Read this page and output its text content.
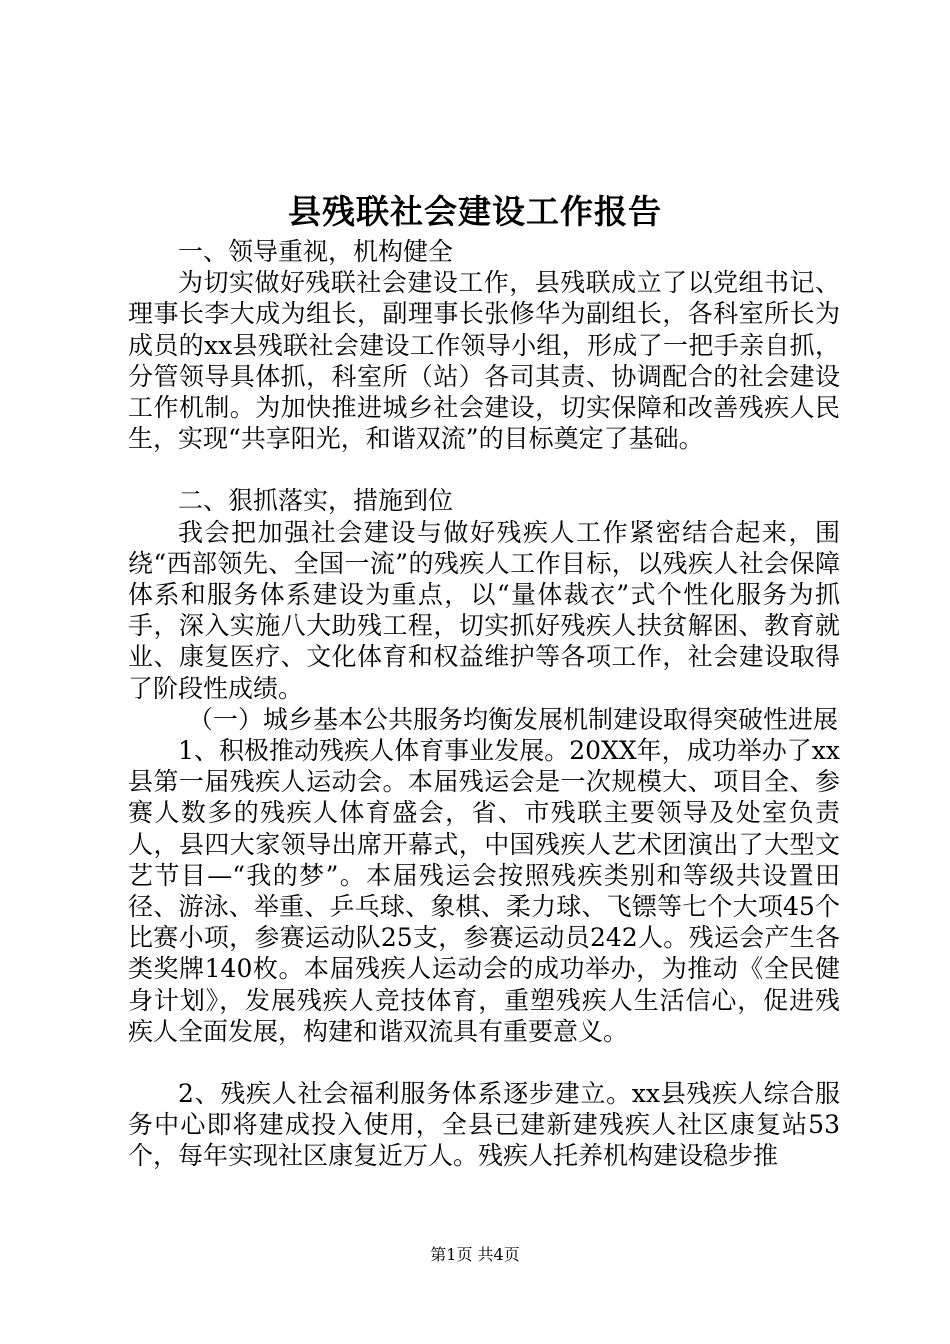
县残联社会建设工作报告

一、领导重视，机构健全

为切实做好残联社会建设工作，县残联成立了以党组书记、理事长李大成为组长，副理事长张修华为副组长，各科室所长为成员的xx县残联社会建设工作领导小组，形成了一把手亲自抓，分管领导具体抓，科室所（站）各司其责、协调配合的社会建设工作机制。为加快推进城乡社会建设，切实保障和改善残疾人民生，实现“共享阳光，和谐双流”的目标奠定了基础。

二、狠抓落实，措施到位

我会把加强社会建设与做好残疾人工作紧密结合起来，围绕“西部领先、全国一流”的残疾人工作目标，以残疾人社会保障体系和服务体系建设为重点，以“量体裁衣”式个性化服务为抓手，深入实施八大助残工程，切实抓好残疾人扶贫解困、教育就业、康复医疗、文化体育和权益维护等各项工作，社会建设取得了阶段性成绩。

（一）城乡基本公共服务均衡发展机制建设取得突破性进展

1、积极推动残疾人体育事业发展。20XX年，成功举办了xx县第一届残疾人运动会。本届残运会是一次规模大、项目全、参赛人数多的残疾人体育盛会，省、市残联主要领导及处室负责人，县四大家领导出席开幕式，中国残疾人艺术团演出了大型文艺节目—“我的梦”。本届残运会按照残疾类别和等级共设置田径、游泳、举重、乒乓球、象棋、柔力球、飞镖等七个大项45个比赛小项，参赛运动队25支，参赛运动员242人。残运会产生各类奖牌140枚。本届残疾人运动会的成功举办，为推动《全民健身计划》，发展残疾人竞技体育，重塑残疾人生活信心，促进残疾人全面发展，构建和谐双流具有重要意义。

2、残疾人社会福利服务体系逐步建立。xx县残疾人综合服务中心即将建成投入使用，全县已建新建残疾人社区康复站53个，每年实现社区康复近万人。残疾人托养机构建设稳步推

第1页 共4页
